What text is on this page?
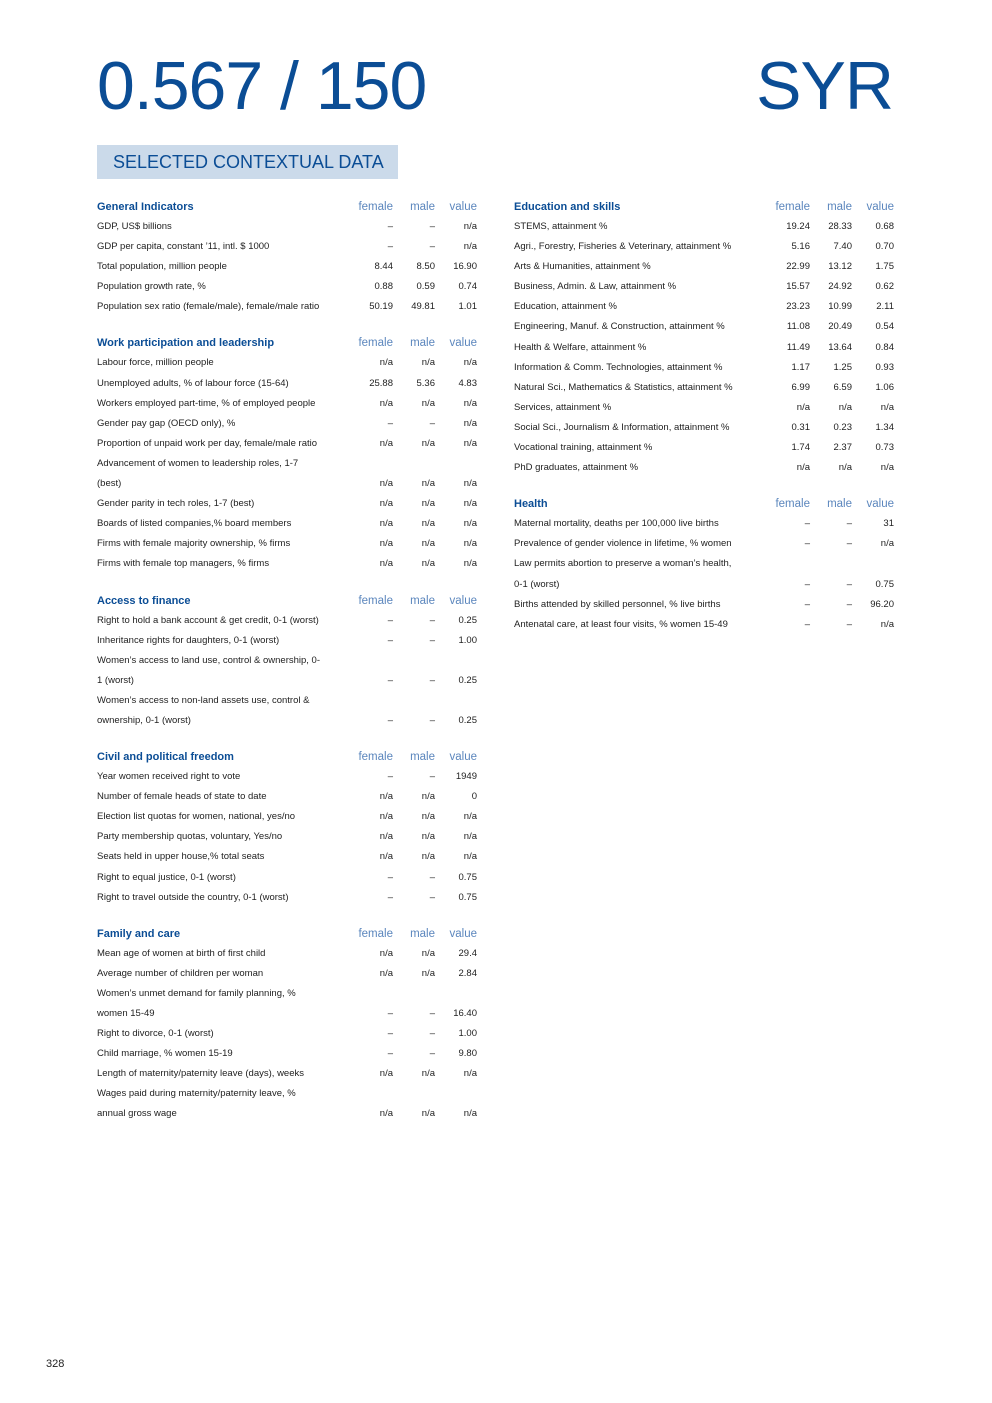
0.567 / 150	SYR
SELECTED CONTEXTUAL DATA
General Indicators	female	male	value
GDP, US$ billions	–	–	n/a
GDP per capita, constant ’11, intl. $ 1000	–	–	n/a
Total population, million people	8.44	8.50	16.90
Population growth rate, %	0.88	0.59	0.74
Population sex ratio (female/male), female/male ratio	50.19	49.81	1.01
Work participation and leadership	female	male	value
Labour force, million people	n/a	n/a	n/a
Unemployed adults, % of labour force (15-64)	25.88	5.36	4.83
Workers employed part-time, % of employed people	n/a	n/a	n/a
Gender pay gap (OECD only), %	–	–	n/a
Proportion of unpaid work per day, female/male ratio	n/a	n/a	n/a
Advancement of women to leadership roles, 1-7
(best)	n/a	n/a	n/a
Gender parity in tech roles, 1-7 (best)	n/a	n/a	n/a
Boards of listed companies,% board members	n/a	n/a	n/a
Firms with female majority ownership, % firms	n/a	n/a	n/a
Firms with female top managers, % firms	n/a	n/a	n/a
Access to finance	female	male	value
Right to hold a bank account & get credit, 0-1 (worst)	–	–	0.25
Inheritance rights for daughters, 0-1 (worst)	–	–	1.00
Women’s access to land use, control & ownership, 0-
1 (worst)	–	–	0.25
Women’s access to non-land assets use, control &
ownership, 0-1 (worst)	–	–	0.25
Civil and political freedom	female	male	value
Year women received right to vote	–	–	1949
Number of female heads of state to date	n/a	n/a	0
Election list quotas for women, national, yes/no	n/a	n/a	n/a
Party membership quotas, voluntary, Yes/no	n/a	n/a	n/a
Seats held in upper house,% total seats	n/a	n/a	n/a
Right to equal justice, 0-1 (worst)	–	–	0.75
Right to travel outside the country, 0-1 (worst)	–	–	0.75
Family and care	female	male	value
Mean age of women at birth of first child	n/a	n/a	29.4
Average number of children per woman	n/a	n/a	2.84
Women’s unmet demand for family planning, %
women 15-49	–	–	16.40
Right to divorce, 0-1 (worst)	–	–	1.00
Child marriage, % women 15-19	–	–	9.80
Length of maternity/paternity leave (days), weeks	n/a	n/a	n/a
Wages paid during maternity/paternity leave, %
annual gross wage	n/a	n/a	n/a
Education and skills	female	male	value
STEMS, attainment %	19.24	28.33	0.68
Agri., Forestry, Fisheries & Veterinary, attainment %	5.16	7.40	0.70
Arts & Humanities, attainment %	22.99	13.12	1.75
Business, Admin. & Law, attainment %	15.57	24.92	0.62
Education, attainment %	23.23	10.99	2.11
Engineering, Manuf. & Construction, attainment %	11.08	20.49	0.54
Health & Welfare, attainment %	11.49	13.64	0.84
Information & Comm. Technologies, attainment %	1.17	1.25	0.93
Natural Sci., Mathematics & Statistics, attainment %	6.99	6.59	1.06
Services, attainment %	n/a	n/a	n/a
Social Sci., Journalism & Information, attainment %	0.31	0.23	1.34
Vocational training, attainment %	1.74	2.37	0.73
PhD graduates, attainment %	n/a	n/a	n/a
Health	female	male	value
Maternal mortality, deaths per 100,000 live births	–	–	31
Prevalence of gender violence in lifetime, % women	–	–	n/a
Law permits abortion to preserve a woman’s health,
0-1 (worst)	–	–	0.75
Births attended by skilled personnel, % live births	–	–	96.20
Antenatal care, at least four visits, % women 15-49	–	–	n/a
328
